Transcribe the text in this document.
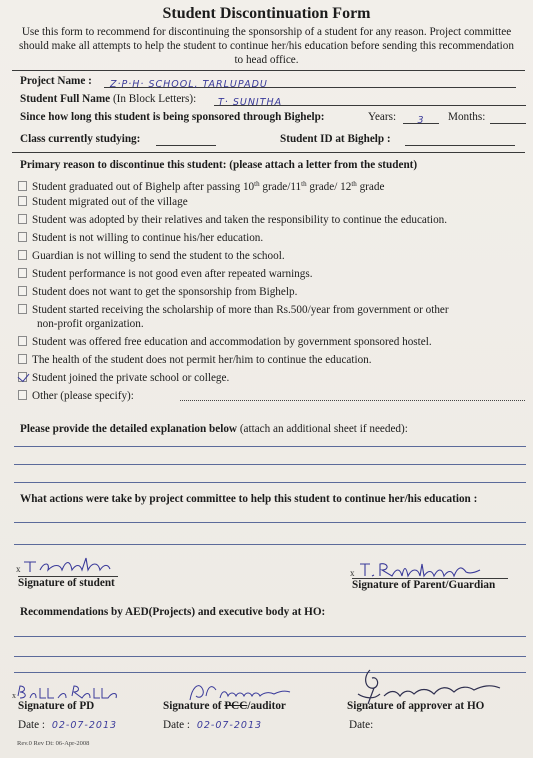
Student Discontinuation Form
Use this form to recommend for discontinuing the sponsorship of a student for any reason. Project committee should make all attempts to help the student to continue her/his education before sending this recommendation to head office.
Project Name :	Z·P·H· SCHOOL, TARLUPADU
Student Full Name (In Block Letters):	T· SUNITHA
Since how long this student is being sponsored through Bighelp:	Years:	3	Months:
Class currently studying:	Student ID at Bighelp :
Primary reason to discontinue this student: (please attach a letter from the student)
Student graduated out of Bighelp after passing 10th grade/11th grade/ 12th grade
Student migrated out of the village
Student was adopted by their relatives and taken the responsibility to continue the education.
Student is not willing to continue his/her education.
Guardian is not willing to send the student to the school.
Student performance is not good even after repeated warnings.
Student does not want to get the sponsorship from Bighelp.
Student started receiving the scholarship of more than Rs.500/year from government or other
non-profit organization.
Student was offered free education and accommodation by government sponsored hostel.
The health of the student does not permit her/him to continue the education.
Student joined the private school or college.
Other (please specify):
Please provide the detailed explanation below (attach an additional sheet if needed):
What actions were take by project committee to help this student to continue her/his education :
x
Signature of student
x
Signature of Parent/Guardian
Recommendations by AED(Projects) and executive body at HO:
x
Signature of PD
Date : 02-07-2013
Signature of PCC/auditor
Date : 02-07-2013
Signature of approver at HO
Date:
Rev.0 Rev Dt: 06-Apr-2008
